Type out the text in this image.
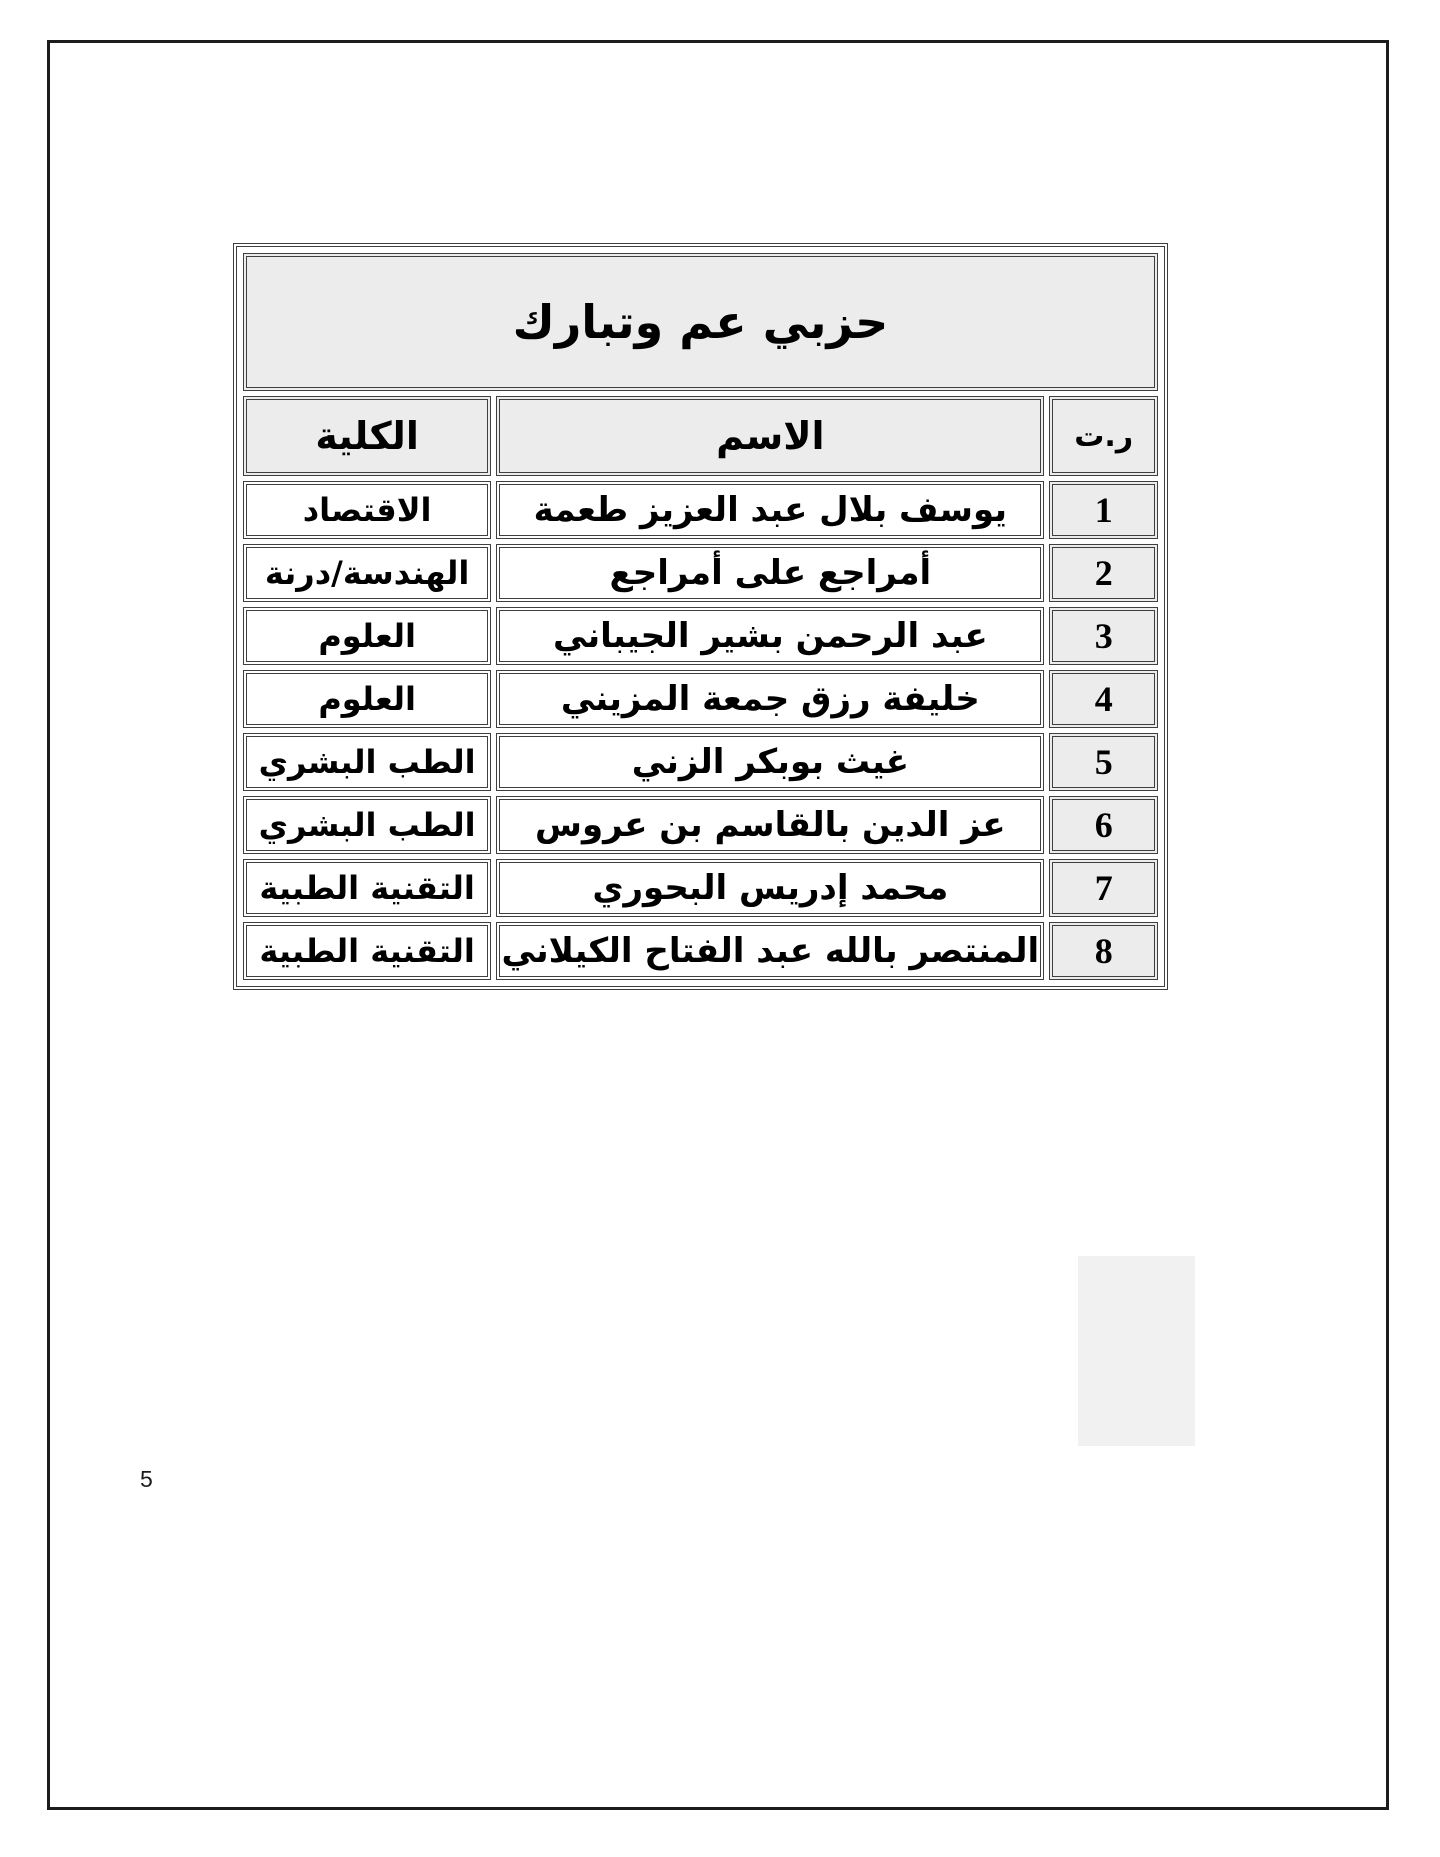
حزبي عم وتبارك		
ر.ت	الاسم	الكلية
1	يوسف بلال عبد العزيز طعمة	الاقتصاد
2	أمراجع على أمراجع	الهندسة/درنة
3	عبد الرحمن بشير الجيباني	العلوم
4	خليفة رزق جمعة المزيني	العلوم
5	غيث بوبكر الزني	الطب البشري
6	عز الدين بالقاسم بن عروس	الطب البشري
7	محمد إدريس البحوري	التقنية الطبية
8	المنتصر بالله عبد الفتاح الكيلاني	التقنية الطبية
5
